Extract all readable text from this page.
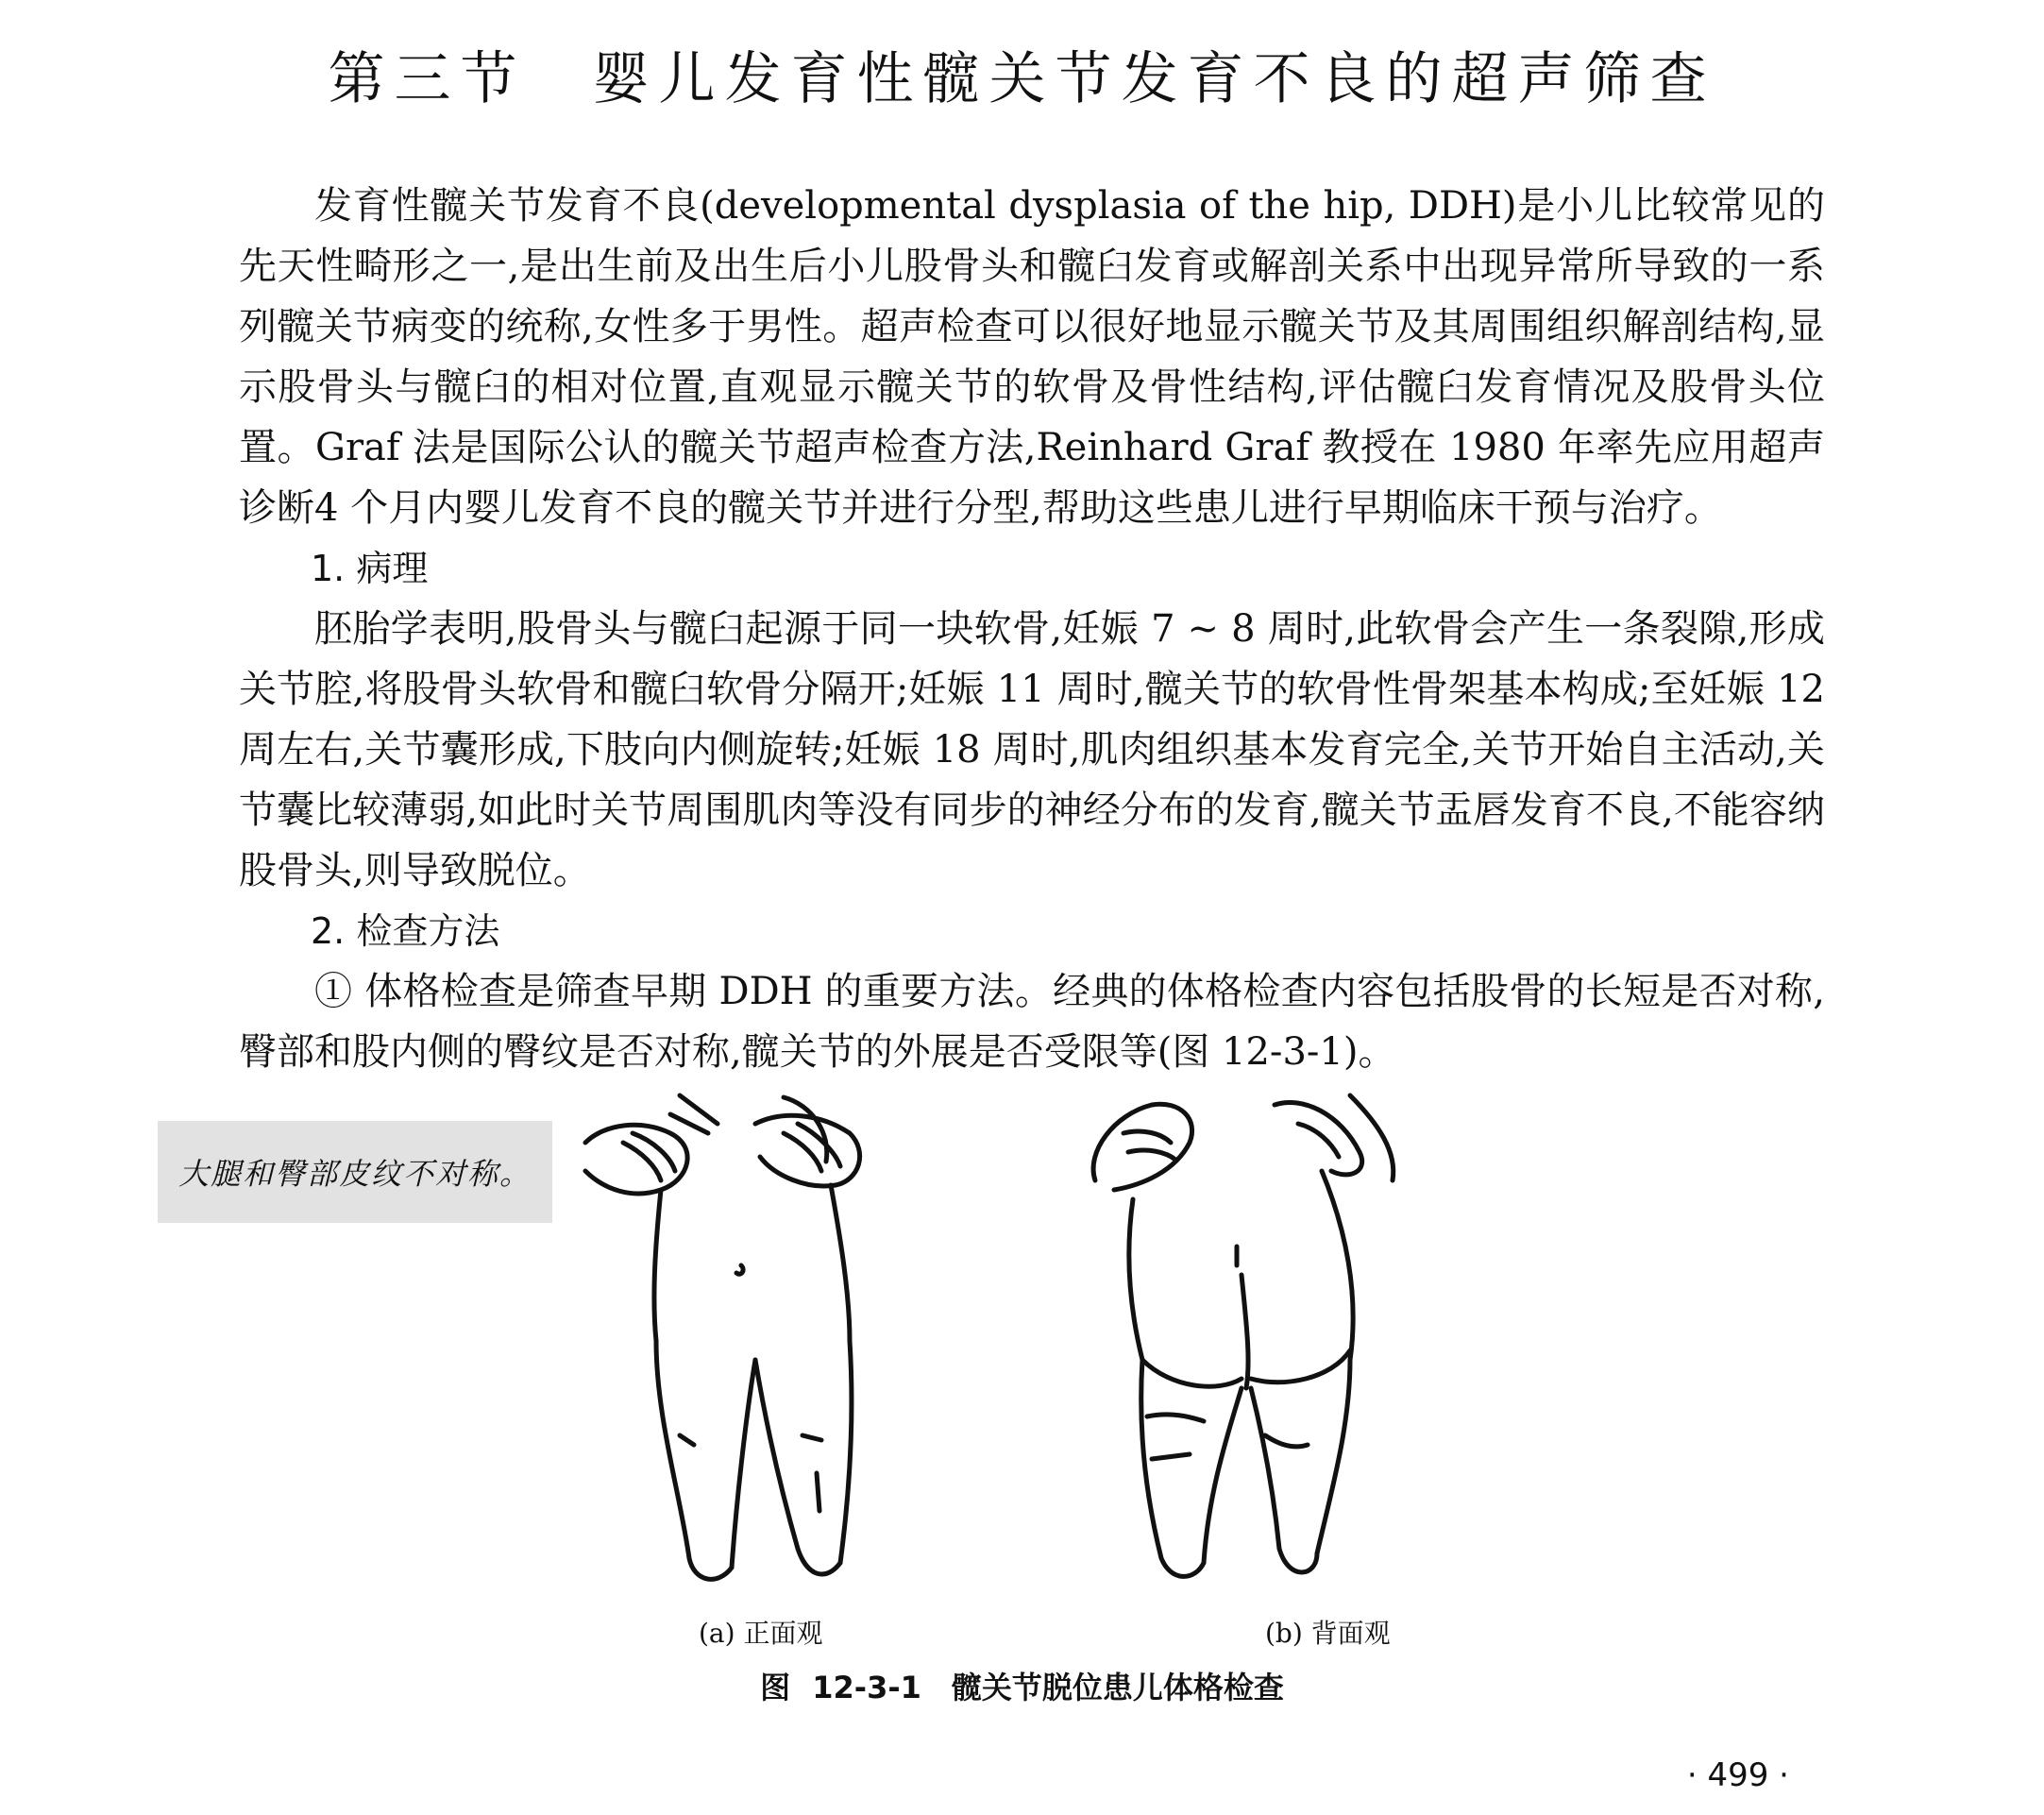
第三节　婴儿发育性髋关节发育不良的超声筛查

发育性髋关节发育不良(developmental dysplasia of the hip, DDH)是小儿比较常见的先天性畸形之一,是出生前及出生后小儿股骨头和髋臼发育或解剖关系中出现异常所导致的一系列髋关节病变的统称,女性多于男性。超声检查可以很好地显示髋关节及其周围组织解剖结构,显示股骨头与髋臼的相对位置,直观显示髋关节的软骨及骨性结构,评估髋臼发育情况及股骨头位置。Graf 法是国际公认的髋关节超声检查方法,Reinhard Graf 教授在 1980 年率先应用超声诊断4 个月内婴儿发育不良的髋关节并进行分型,帮助这些患儿进行早期临床干预与治疗。

1. 病理

胚胎学表明,股骨头与髋臼起源于同一块软骨,妊娠 7 ~ 8 周时,此软骨会产生一条裂隙,形成关节腔,将股骨头软骨和髋臼软骨分隔开;妊娠 11 周时,髋关节的软骨性骨架基本构成;至妊娠 12 周左右,关节囊形成,下肢向内侧旋转;妊娠 18 周时,肌肉组织基本发育完全,关节开始自主活动,关节囊比较薄弱,如此时关节周围肌肉等没有同步的神经分布的发育,髋关节盂唇发育不良,不能容纳股骨头,则导致脱位。

2. 检查方法

① 体格检查是筛查早期 DDH 的重要方法。经典的体格检查内容包括股骨的长短是否对称,臀部和股内侧的臀纹是否对称,髋关节的外展是否受限等(图 12-3-1)。

大腿和臀部皮纹不对称。
(a) 正面观	(b) 背面观
图 12-3-1　髋关节脱位患儿体格检查
· 499 ·
